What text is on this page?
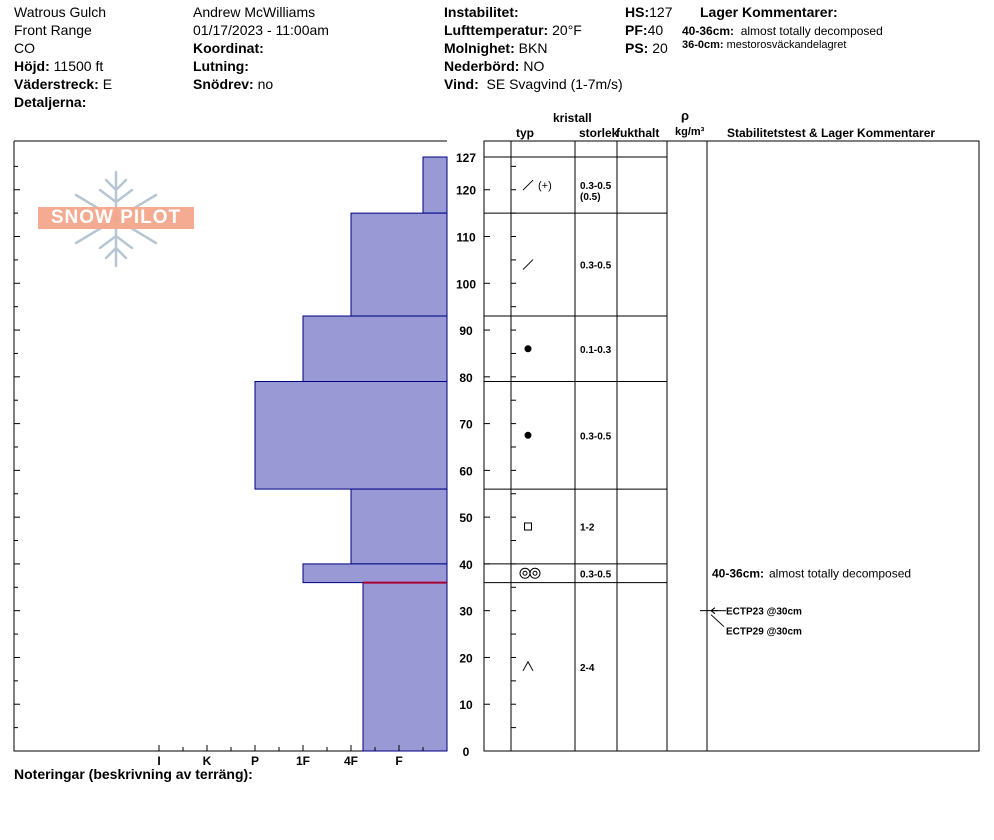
Watrous Gulch
Front Range
CO
Höjd: 11500 ft
Väderstreck: E
Detaljerna:
Andrew McWilliams
01/17/2023 - 11:00am
Koordinat:
Lutning:
Snödrev: no
Instabilitet:
Lufttemperatur: 20°F
Molnighet: BKN
Nederbörd: NO
Vind: SE Svagvind (1-7m/s)
HS:127
PF:40
PS: 20
Lager Kommentarer:
40-36cm: almost totally decomposed
36-0cm: mestorosväckandelagret
kristall
typ	storlek
fukthalt
ρ
kg/m³ Stabilitetstest & Lager Kommentarer
SNOW PILOT
I	K	P	1F	4F	F
0
10
20
30
40
50
60
70
80
90
100
110
120
127
(+)	0.3-0.5
(0.5)
0.3-0.5
0.1-0.3
0.3-0.5
1-2
0.3-0.5
2-4
ECTP23 @30cm
ECTP29 @30cm
40-36cm: almost totally decomposed
Noteringar (beskrivning av terräng):
